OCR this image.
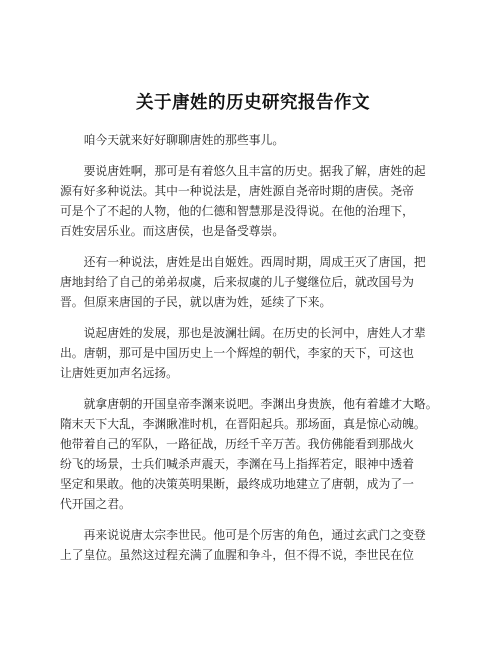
关于唐姓的历史研究报告作文

咱今天就来好好聊聊唐姓的那些事儿。

要说唐姓啊，那可是有着悠久且丰富的历史。据我了解，唐姓的起
源有好多种说法。其中一种说法是，唐姓源自尧帝时期的唐侯。尧帝
可是个了不起的人物，他的仁德和智慧那是没得说。在他的治理下，
百姓安居乐业。而这唐侯，也是备受尊崇。

还有一种说法，唐姓是出自姬姓。西周时期，周成王灭了唐国，把
唐地封给了自己的弟弟叔虞，后来叔虞的儿子燮继位后，就改国号为
晋。但原来唐国的子民，就以唐为姓，延续了下来。

说起唐姓的发展，那也是波澜壮阔。在历史的长河中，唐姓人才辈
出。唐朝，那可是中国历史上一个辉煌的朝代，李家的天下，可这也
让唐姓更加声名远扬。

就拿唐朝的开国皇帝李渊来说吧。李渊出身贵族，他有着雄才大略。
隋末天下大乱，李渊瞅准时机，在晋阳起兵。那场面，真是惊心动魄。
他带着自己的军队，一路征战，历经千辛万苦。我仿佛能看到那战火
纷飞的场景，士兵们喊杀声震天，李渊在马上指挥若定，眼神中透着
坚定和果敢。他的决策英明果断，最终成功地建立了唐朝，成为了一
代开国之君。

再来说说唐太宗李世民。他可是个厉害的角色，通过玄武门之变登
上了皇位。虽然这过程充满了血腥和争斗，但不得不说，李世民在位
